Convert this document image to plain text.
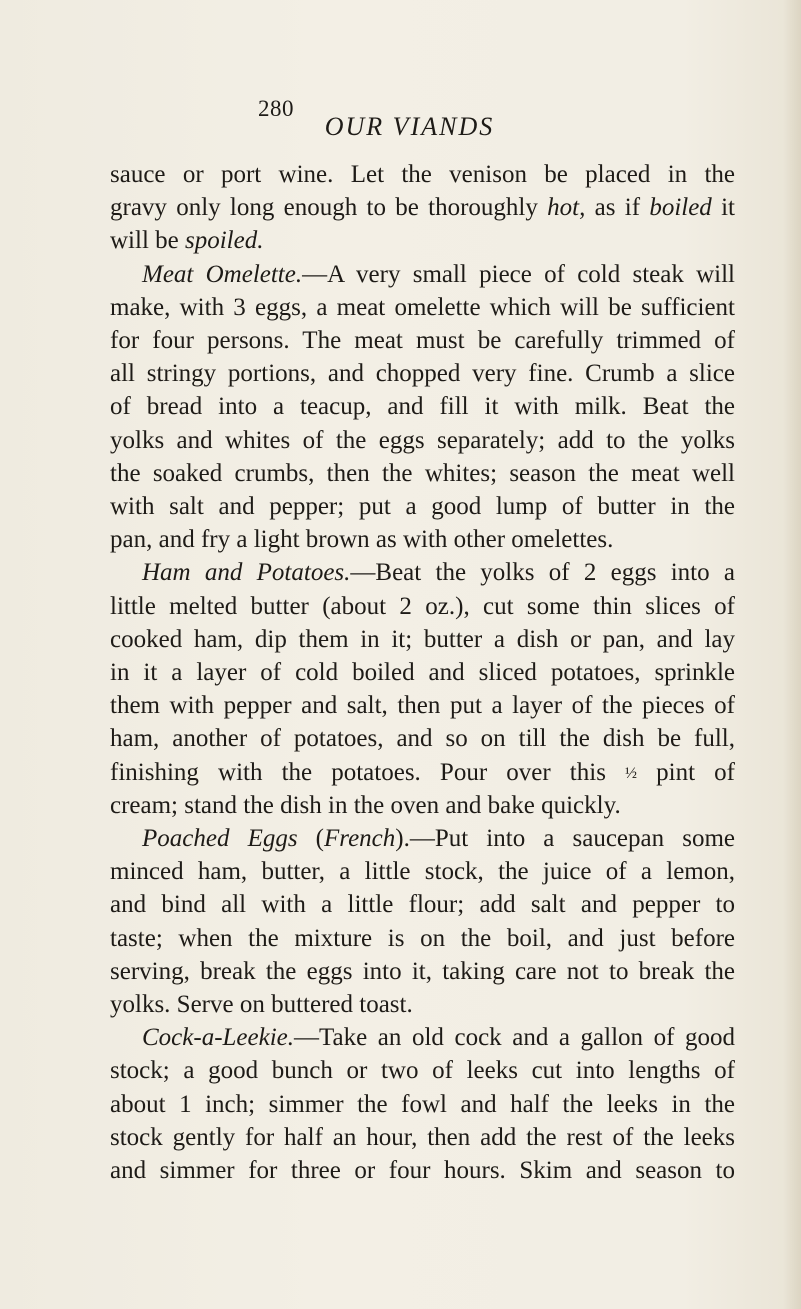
280
OUR VIANDS
sauce or port wine. Let the venison be placed in the
gravy only long enough to be thoroughly hot, as if boiled it
will be spoiled.
Meat Omelette.—A very small piece of cold steak will
make, with 3 eggs, a meat omelette which will be sufficient
for four persons. The meat must be carefully trimmed of
all stringy portions, and chopped very fine. Crumb a slice
of bread into a teacup, and fill it with milk. Beat the
yolks and whites of the eggs separately; add to the yolks
the soaked crumbs, then the whites; season the meat well
with salt and pepper; put a good lump of butter in the
pan, and fry a light brown as with other omelettes.
Ham and Potatoes.—Beat the yolks of 2 eggs into a
little melted butter (about 2 oz.), cut some thin slices of
cooked ham, dip them in it; butter a dish or pan, and lay
in it a layer of cold boiled and sliced potatoes, sprinkle
them with pepper and salt, then put a layer of the pieces of
ham, another of potatoes, and so on till the dish be full,
finishing with the potatoes. Pour over this ½ pint of
cream; stand the dish in the oven and bake quickly.
Poached Eggs (French).—Put into a saucepan some
minced ham, butter, a little stock, the juice of a lemon,
and bind all with a little flour; add salt and pepper to
taste; when the mixture is on the boil, and just before
serving, break the eggs into it, taking care not to break the
yolks. Serve on buttered toast.
Cock-a-Leekie.—Take an old cock and a gallon of good
stock; a good bunch or two of leeks cut into lengths of
about 1 inch; simmer the fowl and half the leeks in the
stock gently for half an hour, then add the rest of the leeks
and simmer for three or four hours. Skim and season to
